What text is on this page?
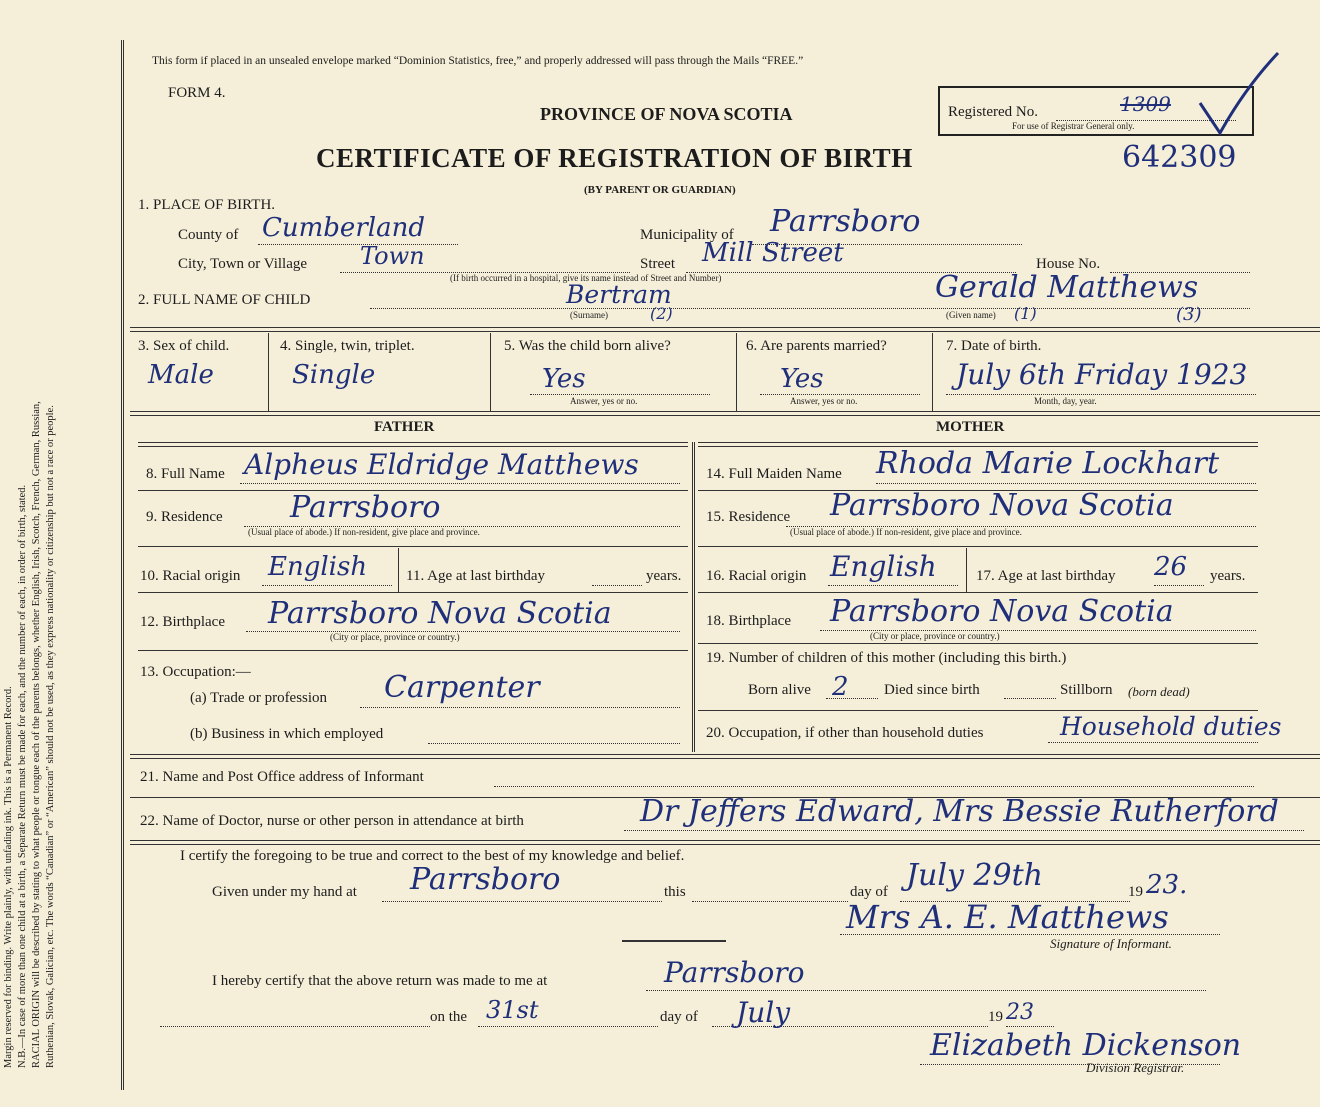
Margin reserved for binding. Write plainly, with unfading ink. This is a Permanent Record. N.B.—In case of more than one child at a birth, a Separate Return must be made for each, and the number of each, in order of birth, stated. RACIAL ORIGIN will be described by stating to what people or tongue each of the parents belongs, whether English, Irish, Scotch, French, German, Russian, Ruthenian, Slovak, Galician, etc. The words “Canadian” or “American” should not be used, as they express nationality or citizenship but not a race or people.
This form if placed in an unsealed envelope marked “Dominion Statistics, free,” and properly addressed will pass through the Mails “FREE.”
FORM 4.
PROVINCE OF NOVA SCOTIA
CERTIFICATE OF REGISTRATION OF BIRTH
(BY PARENT OR GUARDIAN)
Registered No.	1309
For use of Registrar General only.
642309
1. PLACE OF BIRTH.
County of Cumberland	Municipality of Parrsboro
City, Town or Village Town
(If birth occurred in a hospital, give its name instead of Street and Number)
Street Mill Street	House No.
2. FULL NAME OF CHILD	Bertram
(Surname)	(2)
Gerald Matthews
(Given name) (1)	(3)
3. Sex of child.
Male
4. Single, twin, triplet.
Single
5. Was the child born alive?
Yes
Answer, yes or no.
6. Are parents married?
Yes
Answer, yes or no.
7. Date of birth.
July 6th Friday 1923
Month, day, year.
FATHER	MOTHER
8. Full Name Alpheus Eldridge Matthews
9. Residence Parrsboro
(Usual place of abode.) If non-resident, give place and province.
10. Racial origin English	11. Age at last birthday	years.
12. Birthplace Parrsboro Nova Scotia
(City or place, province or country.)
13. Occupation:—
(a) Trade or profession Carpenter
(b) Business in which employed
14. Full Maiden Name Rhoda Marie Lockhart
15. Residence Parrsboro Nova Scotia
(Usual place of abode.) If non-resident, give place and province.
16. Racial origin English	17. Age at last birthday 26 years.
18. Birthplace Parrsboro Nova Scotia
(City or place, province or country.)
19. Number of children of this mother (including this birth.)
Born alive 2 Died since birth	Stillborn (born dead)
20. Occupation, if other than household duties	Household duties
21. Name and Post Office address of Informant
22. Name of Doctor, nurse or other person in attendance at birth	Dr Jeffers Edward, Mrs Bessie Rutherford
I certify the foregoing to be true and correct to the best of my knowledge and belief.
Given under my hand at Parrsboro	this	day of July 29th	19 23.
Mrs A. E. Matthews
Signature of Informant.
I hereby certify that the above return was made to me at	Parrsboro
on the 31st	day of July	19 23
Elizabeth Dickenson
Division Registrar.
